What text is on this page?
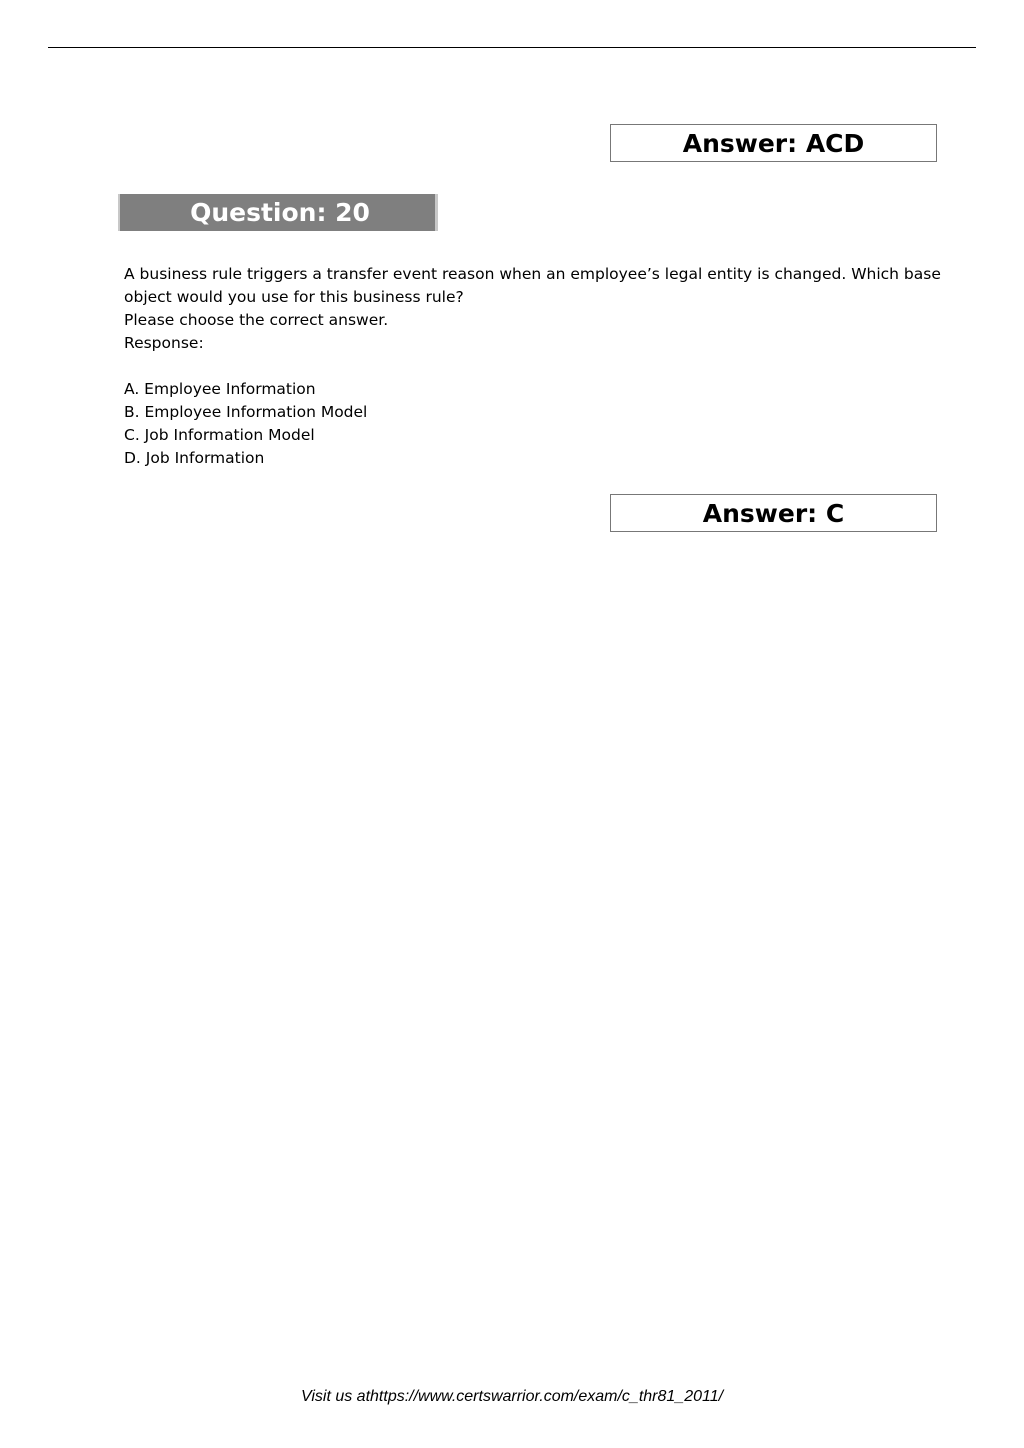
Answer: ACD
Question: 20

A business rule triggers a transfer event reason when an employee’s legal entity is changed. Which base

object would you use for this business rule?

Please choose the correct answer.

Response:

A. Employee Information
B. Employee Information Model
C. Job Information Model
D. Job Information
Answer: C
Visit us athttps://www.certswarrior.com/exam/c_thr81_2011/
